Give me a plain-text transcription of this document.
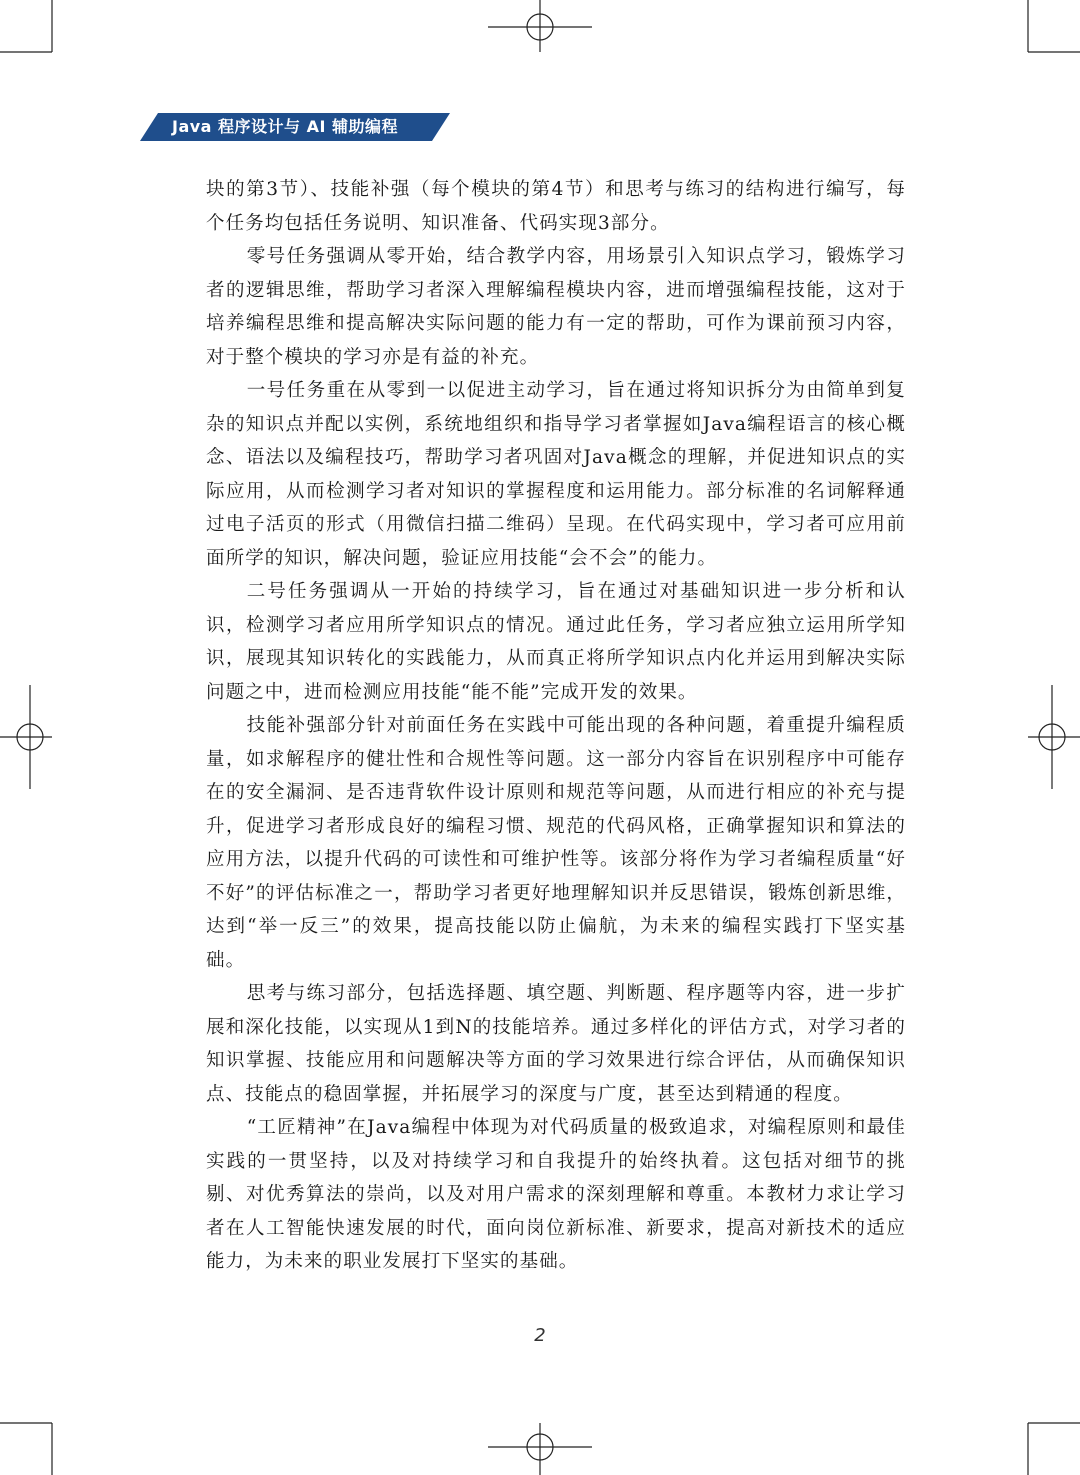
Java 程序设计与 AI 辅助编程

块的第3节）、技能补强（每个模块的第4节）和思考与练习的结构进行编写，每个任务均包括任务说明、知识准备、代码实现3部分。

零号任务强调从零开始，结合教学内容，用场景引入知识点学习，锻炼学习者的逻辑思维，帮助学习者深入理解编程模块内容，进而增强编程技能，这对于培养编程思维和提高解决实际问题的能力有一定的帮助，可作为课前预习内容，对于整个模块的学习亦是有益的补充。

一号任务重在从零到一以促进主动学习，旨在通过将知识拆分为由简单到复杂的知识点并配以实例，系统地组织和指导学习者掌握如Java编程语言的核心概念、语法以及编程技巧，帮助学习者巩固对Java概念的理解，并促进知识点的实际应用，从而检测学习者对知识的掌握程度和运用能力。部分标准的名词解释通过电子活页的形式（用微信扫描二维码）呈现。在代码实现中，学习者可应用前面所学的知识，解决问题，验证应用技能“会不会”的能力。

二号任务强调从一开始的持续学习，旨在通过对基础知识进一步分析和认识，检测学习者应用所学知识点的情况。通过此任务，学习者应独立运用所学知识，展现其知识转化的实践能力，从而真正将所学知识点内化并运用到解决实际问题之中，进而检测应用技能“能不能”完成开发的效果。

技能补强部分针对前面任务在实践中可能出现的各种问题，着重提升编程质量，如求解程序的健壮性和合规性等问题。这一部分内容旨在识别程序中可能存在的安全漏洞、是否违背软件设计原则和规范等问题，从而进行相应的补充与提升，促进学习者形成良好的编程习惯、规范的代码风格，正确掌握知识和算法的应用方法，以提升代码的可读性和可维护性等。该部分将作为学习者编程质量“好不好”的评估标准之一，帮助学习者更好地理解知识并反思错误，锻炼创新思维，达到“举一反三”的效果，提高技能以防止偏航，为未来的编程实践打下坚实基础。

思考与练习部分，包括选择题、填空题、判断题、程序题等内容，进一步扩展和深化技能，以实现从1到N的技能培养。通过多样化的评估方式，对学习者的知识掌握、技能应用和问题解决等方面的学习效果进行综合评估，从而确保知识点、技能点的稳固掌握，并拓展学习的深度与广度，甚至达到精通的程度。

“工匠精神”在Java编程中体现为对代码质量的极致追求，对编程原则和最佳实践的一贯坚持，以及对持续学习和自我提升的始终执着。这包括对细节的挑剔、对优秀算法的崇尚，以及对用户需求的深刻理解和尊重。本教材力求让学习者在人工智能快速发展的时代，面向岗位新标准、新要求，提高对新技术的适应能力，为未来的职业发展打下坚实的基础。

2
